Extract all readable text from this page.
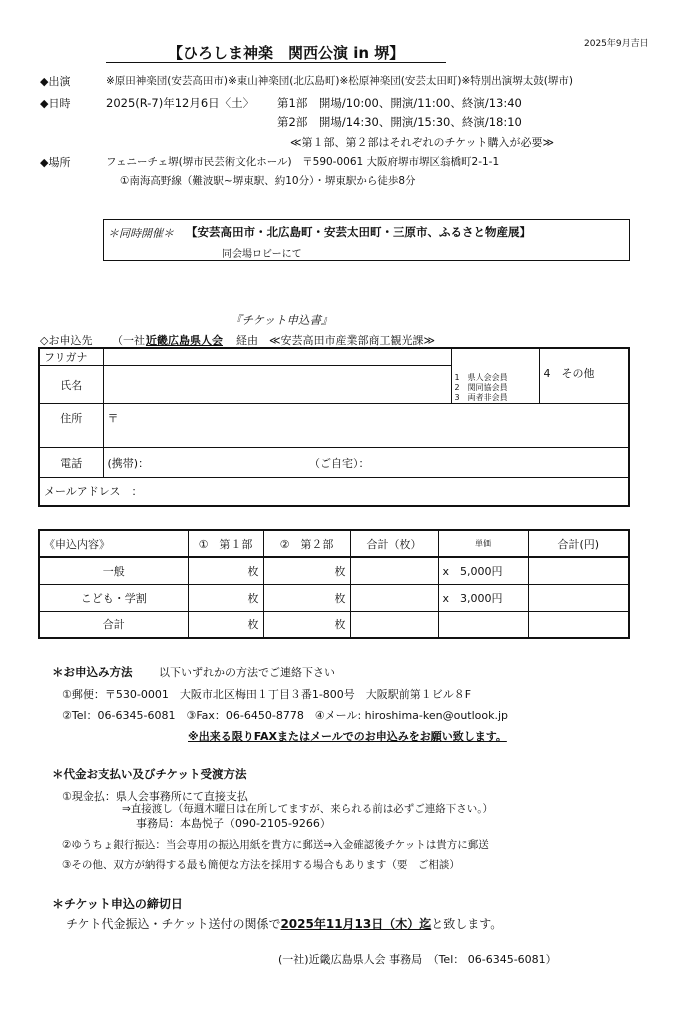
2025年9月吉日
【ひろしま神楽　関西公演 in 堺】
◆出演	※原田神楽団(安芸高田市)※東山神楽団(北広島町)※松原神楽団(安芸太田町)※特別出演堺太鼓(堺市)
◆日時	2025(R-7)年12月6日〈土〉 第1部　開場/10:00、開演/11:00、終演/13:40
第2部　開場/14:30、開演/15:30、終演/18:10
≪第１部、第２部はそれぞれのチケット購入が必要≫
◆場所	フェニーチェ堺(堺市民芸術文化ホール)　〒590-0061 大阪府堺市堺区翁橋町2-1-1
①南海高野線（難波駅~堺東駅、約10分）・堺東駅から徒歩8分
＊同時開催＊ 【安芸高田市・北広島町・安芸太田町・三原市、ふるさと物産展】
同会場ロビーにて
『チケット申込書』
◇お申込先 （一社）
近畿広島県人会 経由　≪安芸高田市産業部商工観光課≫
フリガナ		1　県人会会員
2　関同協会員
3　両者非会員	4　その他
氏名			
住所	〒		
電話	(携帯)： （ご自宅）：		

メールアドレス　：			
《申込内容》	①　第１部	②　第２部	合計（枚）	単価	合計(円)
一般	枚	枚		x　5,000円	
こども・学割	枚	枚		x　3,000円	
合計	枚	枚			
＊お申込み方法 以下いずれかの方法でご連絡下さい
①郵便：〒530-0001　大阪市北区梅田１丁目３番1-800号　大阪駅前第１ビル８F
②Tel：06-6345-6081　③Fax：06-6450-8778　④メール: hiroshima-ken@outlook.jp
※出来る限りFAXまたはメールでのお申込みをお願い致します。
＊代金お支払い及びチケット受渡方法
①現金払：県人会事務所にて直接支払
⇒直接渡し（毎週木曜日は在所してますが、来られる前は必ずご連絡下さい。）
事務局：本島悦子（090-2105-9266）
②ゆうちょ銀行振込：当会専用の振込用紙を貴方に郵送⇒入金確認後チケットは貴方に郵送
③その他、双方が納得する最も簡便な方法を採用する場合もあります（要　ご相談）
＊チケット申込の締切日
チケト代金振込・チケット送付の関係で2025年11月13日（木）迄と致します。
(一社)近畿広島県人会 事務局　（Tel： 06-6345-6081）
